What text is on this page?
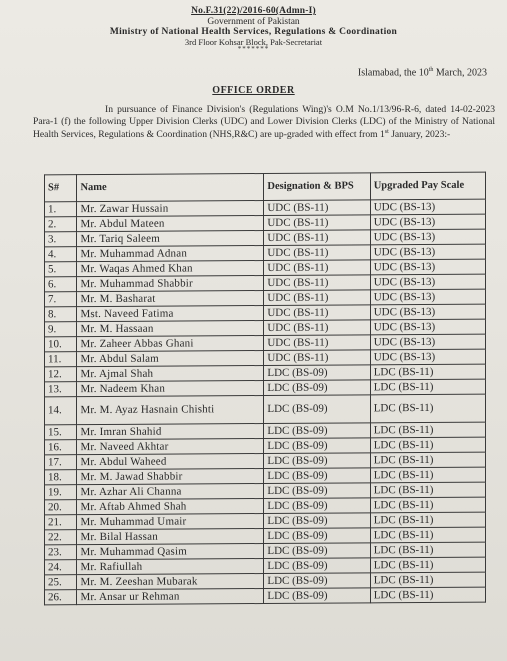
No.F.31(22)/2016-60(Admn-I)
Government of Pakistan
Ministry of National Health Services, Regulations & Coordination
3rd Floor Kohsar Block, Pak-Secretariat
*******
Islamabad, the 10th March, 2023
OFFICE ORDER
In pursuance of Finance Division's (Regulations Wing)'s O.M No.1/13/96-R-6, dated 14-02-2023 Para-1 (f) the following Upper Division Clerks (UDC) and Lower Division Clerks (LDC) of the Ministry of National Health Services, Regulations & Coordination (NHS,R&C) are up-graded with effect from 1st January, 2023:-
S#	Name	Designation & BPS	Upgraded Pay Scale
1.	Mr. Zawar Hussain	UDC (BS-11)	UDC (BS-13)
2.	Mr. Abdul Mateen	UDC (BS-11)	UDC (BS-13)
3.	Mr. Tariq Saleem	UDC (BS-11)	UDC (BS-13)
4.	Mr. Muhammad Adnan	UDC (BS-11)	UDC (BS-13)
5.	Mr. Waqas Ahmed Khan	UDC (BS-11)	UDC (BS-13)
6.	Mr. Muhammad Shabbir	UDC (BS-11)	UDC (BS-13)
7.	Mr. M. Basharat	UDC (BS-11)	UDC (BS-13)
8.	Mst. Naveed Fatima	UDC (BS-11)	UDC (BS-13)
9.	Mr. M. Hassaan	UDC (BS-11)	UDC (BS-13)
10.	Mr. Zaheer Abbas Ghani	UDC (BS-11)	UDC (BS-13)
11.	Mr. Abdul Salam	UDC (BS-11)	UDC (BS-13)
12.	Mr. Ajmal Shah	LDC (BS-09)	LDC (BS-11)
13.	Mr. Nadeem Khan	LDC (BS-09)	LDC (BS-11)
14.	Mr. M. Ayaz Hasnain Chishti	LDC (BS-09)	LDC (BS-11)
15.	Mr. Imran Shahid	LDC (BS-09)	LDC (BS-11)
16.	Mr. Naveed Akhtar	LDC (BS-09)	LDC (BS-11)
17.	Mr. Abdul Waheed	LDC (BS-09)	LDC (BS-11)
18.	Mr. M. Jawad Shabbir	LDC (BS-09)	LDC (BS-11)
19.	Mr. Azhar Ali Channa	LDC (BS-09)	LDC (BS-11)
20.	Mr. Aftab Ahmed Shah	LDC (BS-09)	LDC (BS-11)
21.	Mr. Muhammad Umair	LDC (BS-09)	LDC (BS-11)
22.	Mr. Bilal Hassan	LDC (BS-09)	LDC (BS-11)
23.	Mr. Muhammad Qasim	LDC (BS-09)	LDC (BS-11)
24.	Mr. Rafiullah	LDC (BS-09)	LDC (BS-11)
25.	Mr. M. Zeeshan Mubarak	LDC (BS-09)	LDC (BS-11)
26.	Mr. Ansar ur Rehman	LDC (BS-09)	LDC (BS-11)
